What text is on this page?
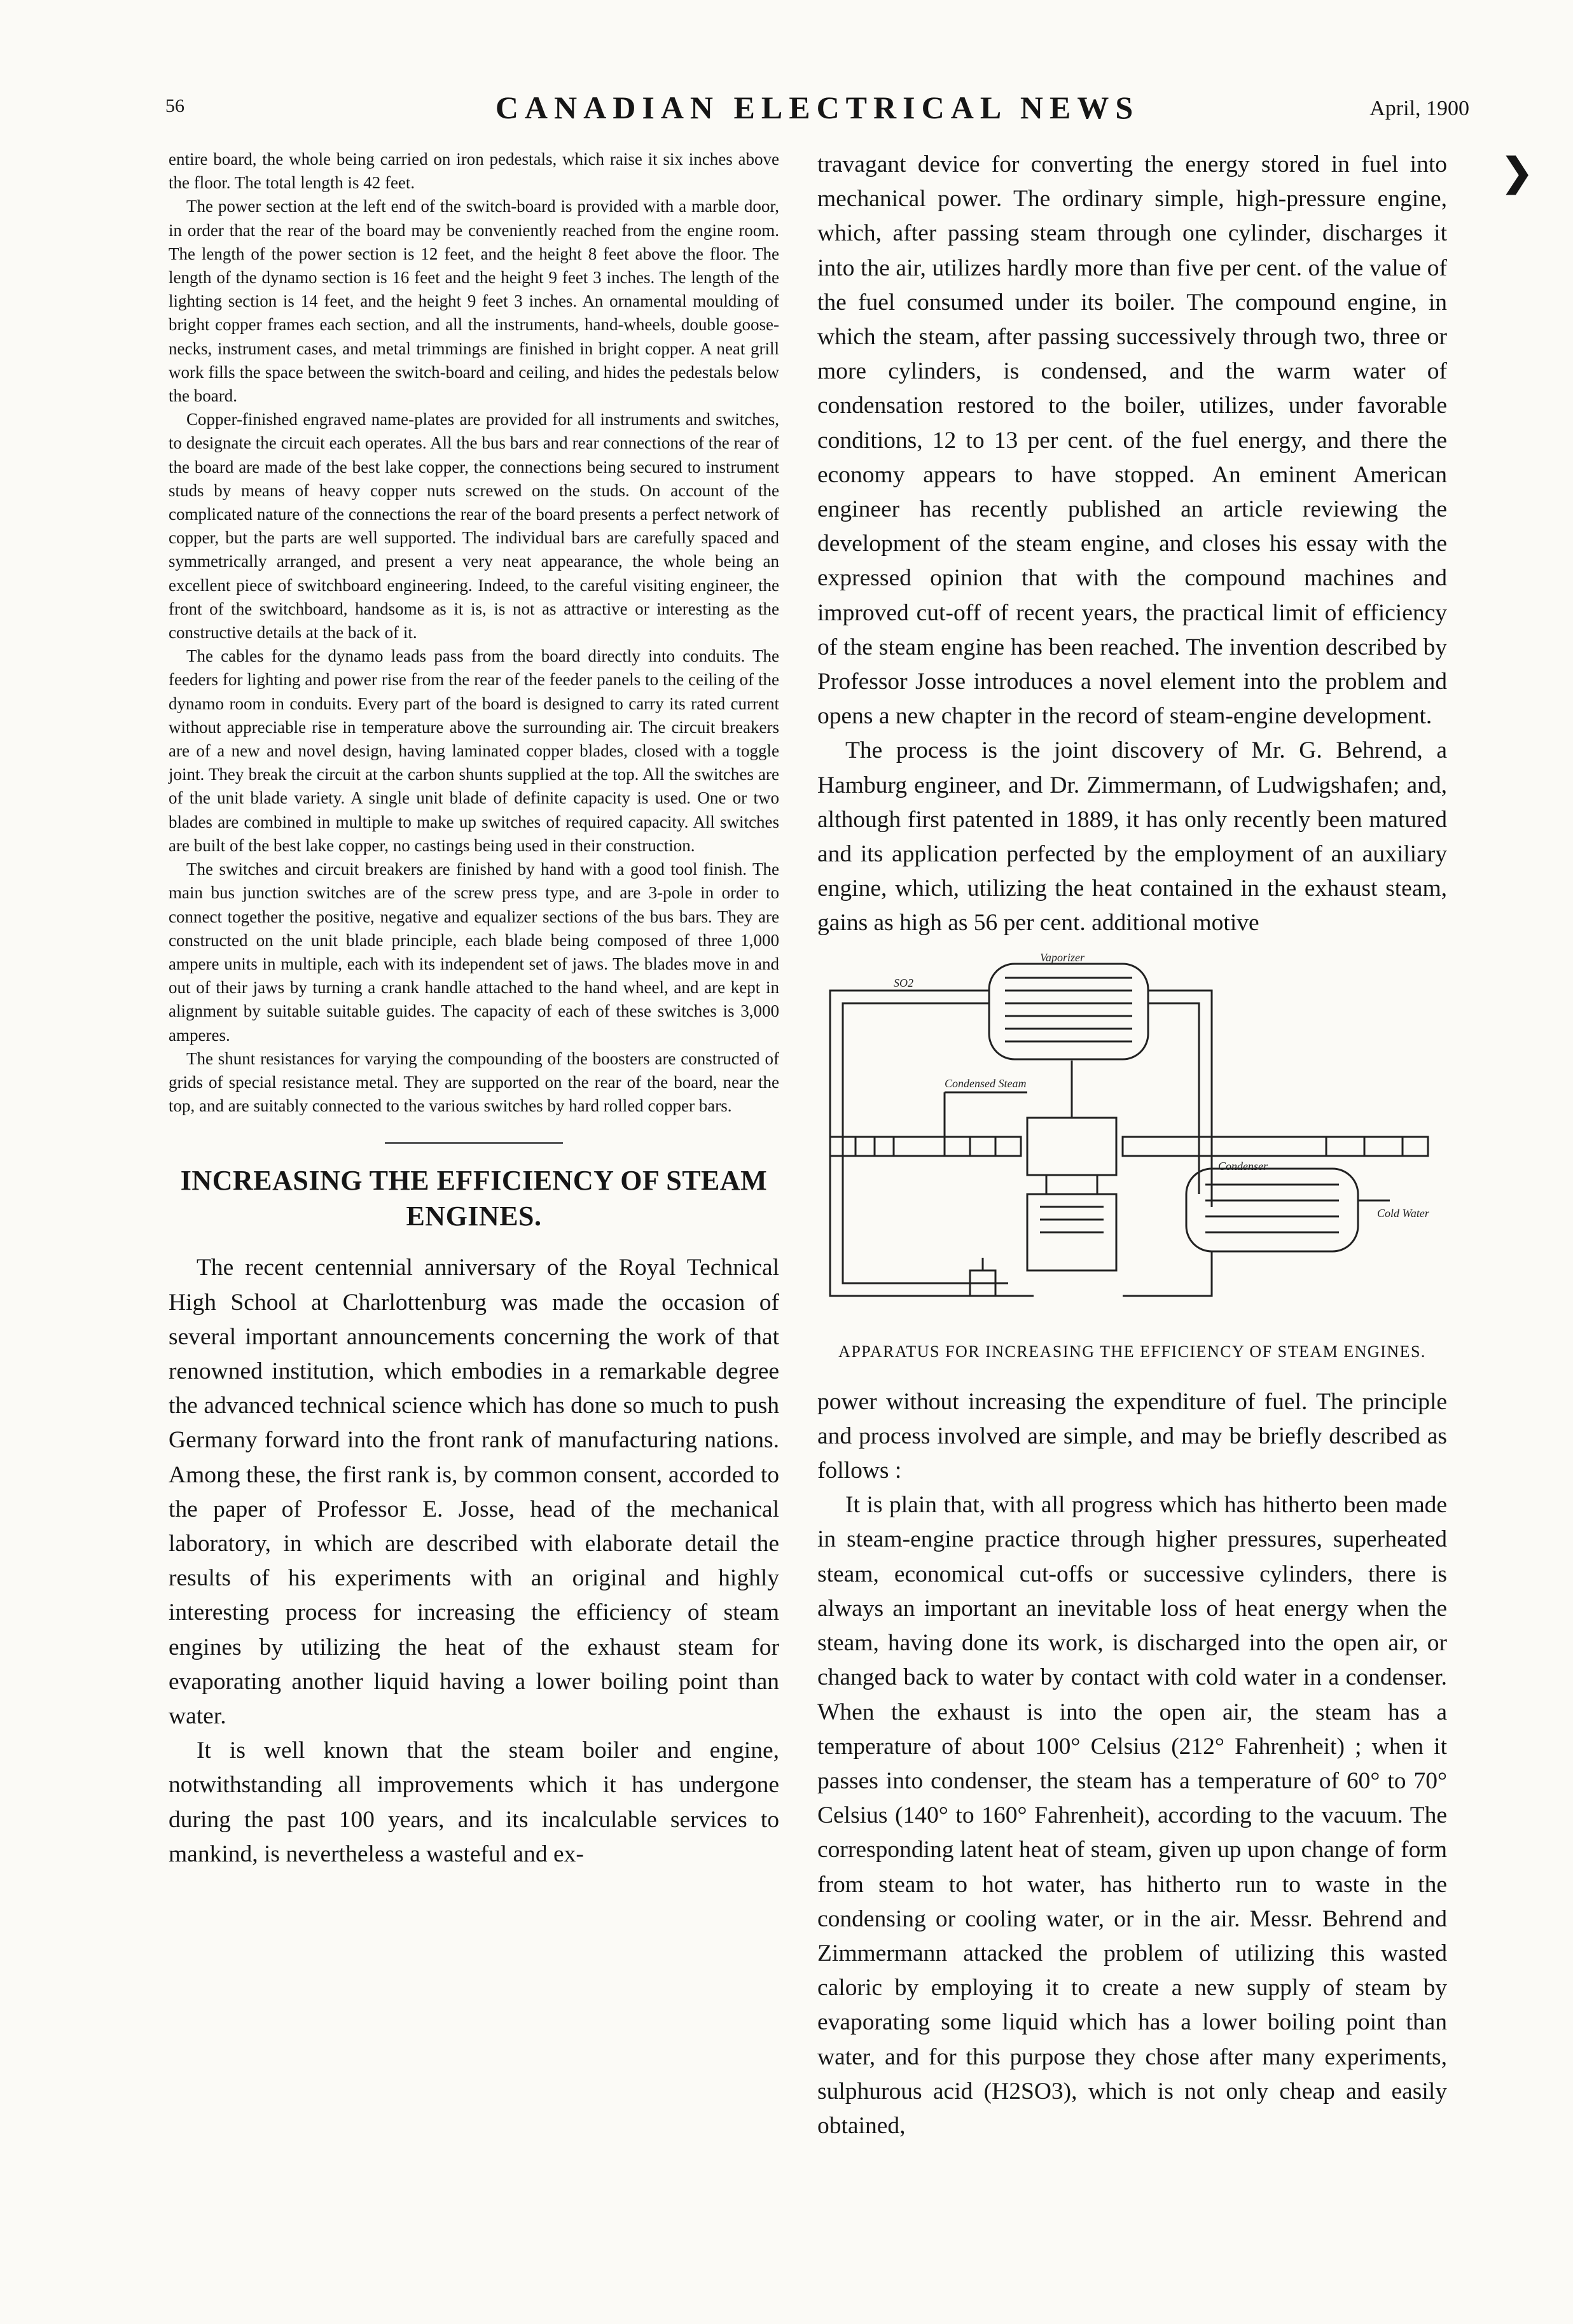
56	CANADIAN ELECTRICAL NEWS	April, 1900

entire board, the whole being carried on iron pedestals, which raise it six inches above the floor. The total length is 42 feet.

The power section at the left end of the switch-board is provided with a marble door, in order that the rear of the board may be conveniently reached from the engine room. The length of the power section is 12 feet, and the height 8 feet above the floor. The length of the dynamo section is 16 feet and the height 9 feet 3 inches. The length of the lighting section is 14 feet, and the height 9 feet 3 inches. An ornamental moulding of bright copper frames each section, and all the instruments, hand-wheels, double goose-necks, instrument cases, and metal trimmings are finished in bright copper. A neat grill work fills the space between the switch-board and ceiling, and hides the pedestals below the board.

Copper-finished engraved name-plates are provided for all instruments and switches, to designate the circuit each operates. All the bus bars and rear connections of the rear of the board are made of the best lake copper, the connections being secured to instrument studs by means of heavy copper nuts screwed on the studs. On account of the complicated nature of the connections the rear of the board presents a perfect network of copper, but the parts are well supported. The individual bars are carefully spaced and symmetrically arranged, and present a very neat appearance, the whole being an excellent piece of switchboard engineering. Indeed, to the careful visiting engineer, the front of the switchboard, handsome as it is, is not as attractive or interesting as the constructive details at the back of it.

The cables for the dynamo leads pass from the board directly into conduits. The feeders for lighting and power rise from the rear of the feeder panels to the ceiling of the dynamo room in conduits. Every part of the board is designed to carry its rated current without appreciable rise in temperature above the surrounding air. The circuit breakers are of a new and novel design, having laminated copper blades, closed with a toggle joint. They break the circuit at the carbon shunts supplied at the top. All the switches are of the unit blade variety. A single unit blade of definite capacity is used. One or two blades are combined in multiple to make up switches of required capacity. All switches are built of the best lake copper, no castings being used in their construction.

The switches and circuit breakers are finished by hand with a good tool finish. The main bus junction switches are of the screw press type, and are 3-pole in order to connect together the positive, negative and equalizer sections of the bus bars. They are constructed on the unit blade principle, each blade being composed of three 1,000 ampere units in multiple, each with its independent set of jaws. The blades move in and out of their jaws by turning a crank handle attached to the hand wheel, and are kept in alignment by suitable suitable guides. The capacity of each of these switches is 3,000 amperes.

The shunt resistances for varying the compounding of the boosters are constructed of grids of special resistance metal. They are supported on the rear of the board, near the top, and are suitably connected to the various switches by hard rolled copper bars.

INCREASING THE EFFICIENCY OF STEAM ENGINES.

The recent centennial anniversary of the Royal Technical High School at Charlottenburg was made the occasion of several important announcements concerning the work of that renowned institution, which embodies in a remarkable degree the advanced technical science which has done so much to push Germany forward into the front rank of manufacturing nations. Among these, the first rank is, by common consent, accorded to the paper of Professor E. Josse, head of the mechanical laboratory, in which are described with elaborate detail the results of his experiments with an original and highly interesting process for increasing the efficiency of steam engines by utilizing the heat of the exhaust steam for evaporating another liquid having a lower boiling point than water.

It is well known that the steam boiler and engine, notwithstanding all improvements which it has undergone during the past 100 years, and its incalculable services to mankind, is nevertheless a wasteful and ex-

travagant device for converting the energy stored in fuel into mechanical power. The ordinary simple, high-pressure engine, which, after passing steam through one cylinder, discharges it into the air, utilizes hardly more than five per cent. of the value of the fuel consumed under its boiler. The compound engine, in which the steam, after passing successively through two, three or more cylinders, is condensed, and the warm water of condensation restored to the boiler, utilizes, under favorable conditions, 12 to 13 per cent. of the fuel energy, and there the economy appears to have stopped. An eminent American engineer has recently published an article reviewing the development of the steam engine, and closes his essay with the expressed opinion that with the compound machines and improved cut-off of recent years, the practical limit of efficiency of the steam engine has been reached. The invention described by Professor Josse introduces a novel element into the problem and opens a new chapter in the record of steam-engine development.

The process is the joint discovery of Mr. G. Behrend, a Hamburg engineer, and Dr. Zimmermann, of Ludwigshafen; and, although first patented in 1889, it has only recently been matured and its application perfected by the employment of an auxiliary engine, which, utilizing the heat contained in the exhaust steam, gains as high as 56 per cent. additional motive

Vaporizer
SO2
Condensed Steam
Condenser
Cold Water
APPARATUS FOR INCREASING THE EFFICIENCY OF STEAM ENGINES.

power without increasing the expenditure of fuel. The principle and process involved are simple, and may be briefly described as follows :

It is plain that, with all progress which has hitherto been made in steam-engine practice through higher pressures, superheated steam, economical cut-offs or successive cylinders, there is always an important an inevitable loss of heat energy when the steam, having done its work, is discharged into the open air, or changed back to water by contact with cold water in a condenser. When the exhaust is into the open air, the steam has a temperature of about 100° Celsius (212° Fahrenheit) ; when it passes into condenser, the steam has a temperature of 60° to 70° Celsius (140° to 160° Fahrenheit), according to the vacuum. The corresponding latent heat of steam, given up upon change of form from steam to hot water, has hitherto run to waste in the condensing or cooling water, or in the air. Messr. Behrend and Zimmermann attacked the problem of utilizing this wasted caloric by employing it to create a new supply of steam by evaporating some liquid which has a lower boiling point than water, and for this purpose they chose after many experiments, sulphurous acid (H2SO3), which is not only cheap and easily obtained,

❯
